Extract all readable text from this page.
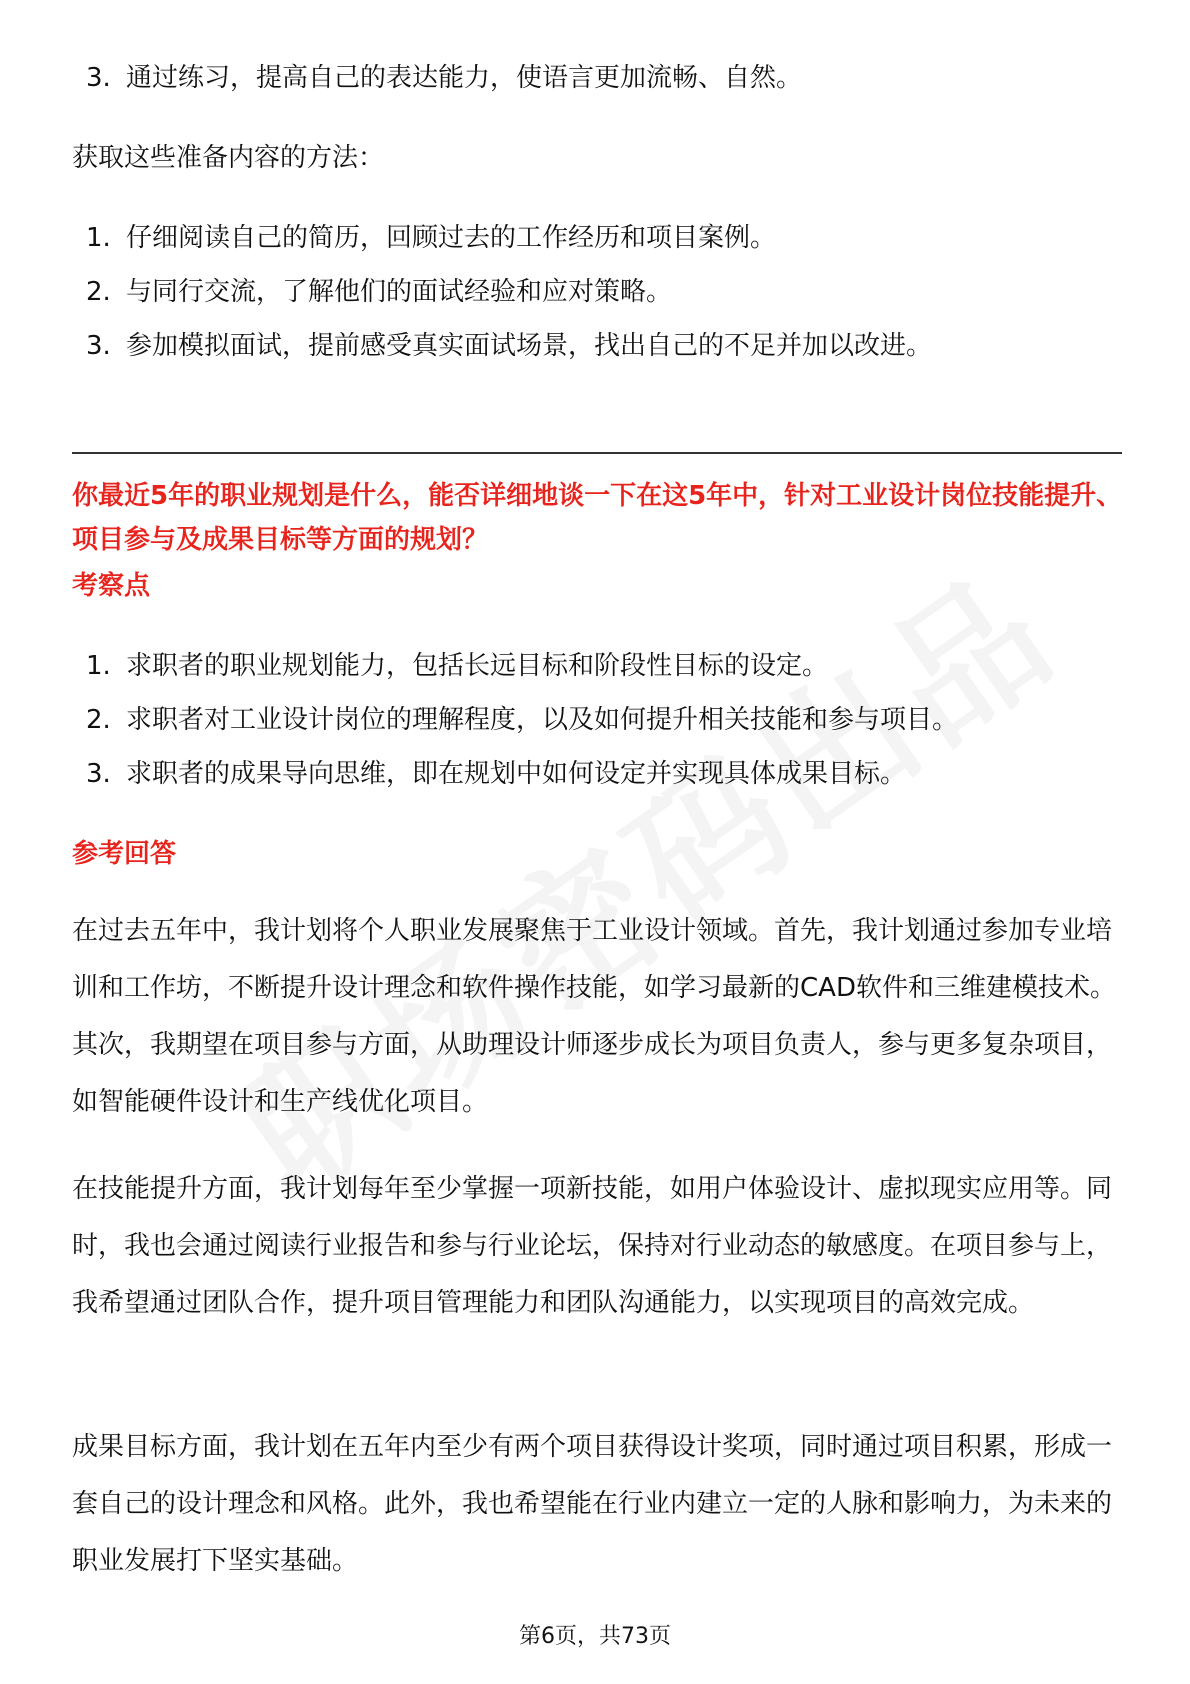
3. 通过练习，提高自己的表达能力，使语言更加流畅、自然。
获取这些准备内容的方法：
1. 仔细阅读自己的简历，回顾过去的工作经历和项目案例。
2. 与同行交流，了解他们的面试经验和应对策略。
3. 参加模拟面试，提前感受真实面试场景，找出自己的不足并加以改进。
你最近5年的职业规划是什么，能否详细地谈一下在这5年中，针对工业设计岗位技能提升、项目参与及成果目标等方面的规划？
考察点
1. 求职者的职业规划能力，包括长远目标和阶段性目标的设定。
2. 求职者对工业设计岗位的理解程度，以及如何提升相关技能和参与项目。
3. 求职者的成果导向思维，即在规划中如何设定并实现具体成果目标。
参考回答
在过去五年中，我计划将个人职业发展聚焦于工业设计领域。首先，我计划通过参加专业培训和工作坊，不断提升设计理念和软件操作技能，如学习最新的CAD软件和三维建模技术。其次，我期望在项目参与方面，从助理设计师逐步成长为项目负责人，参与更多复杂项目，如智能硬件设计和生产线优化项目。
在技能提升方面，我计划每年至少掌握一项新技能，如用户体验设计、虚拟现实应用等。同时，我也会通过阅读行业报告和参与行业论坛，保持对行业动态的敏感度。在项目参与上，我希望通过团队合作，提升项目管理能力和团队沟通能力，以实现项目的高效完成。
成果目标方面，我计划在五年内至少有两个项目获得设计奖项，同时通过项目积累，形成一套自己的设计理念和风格。此外，我也希望能在行业内建立一定的人脉和影响力，为未来的职业发展打下坚实基础。
第6页，共73页
